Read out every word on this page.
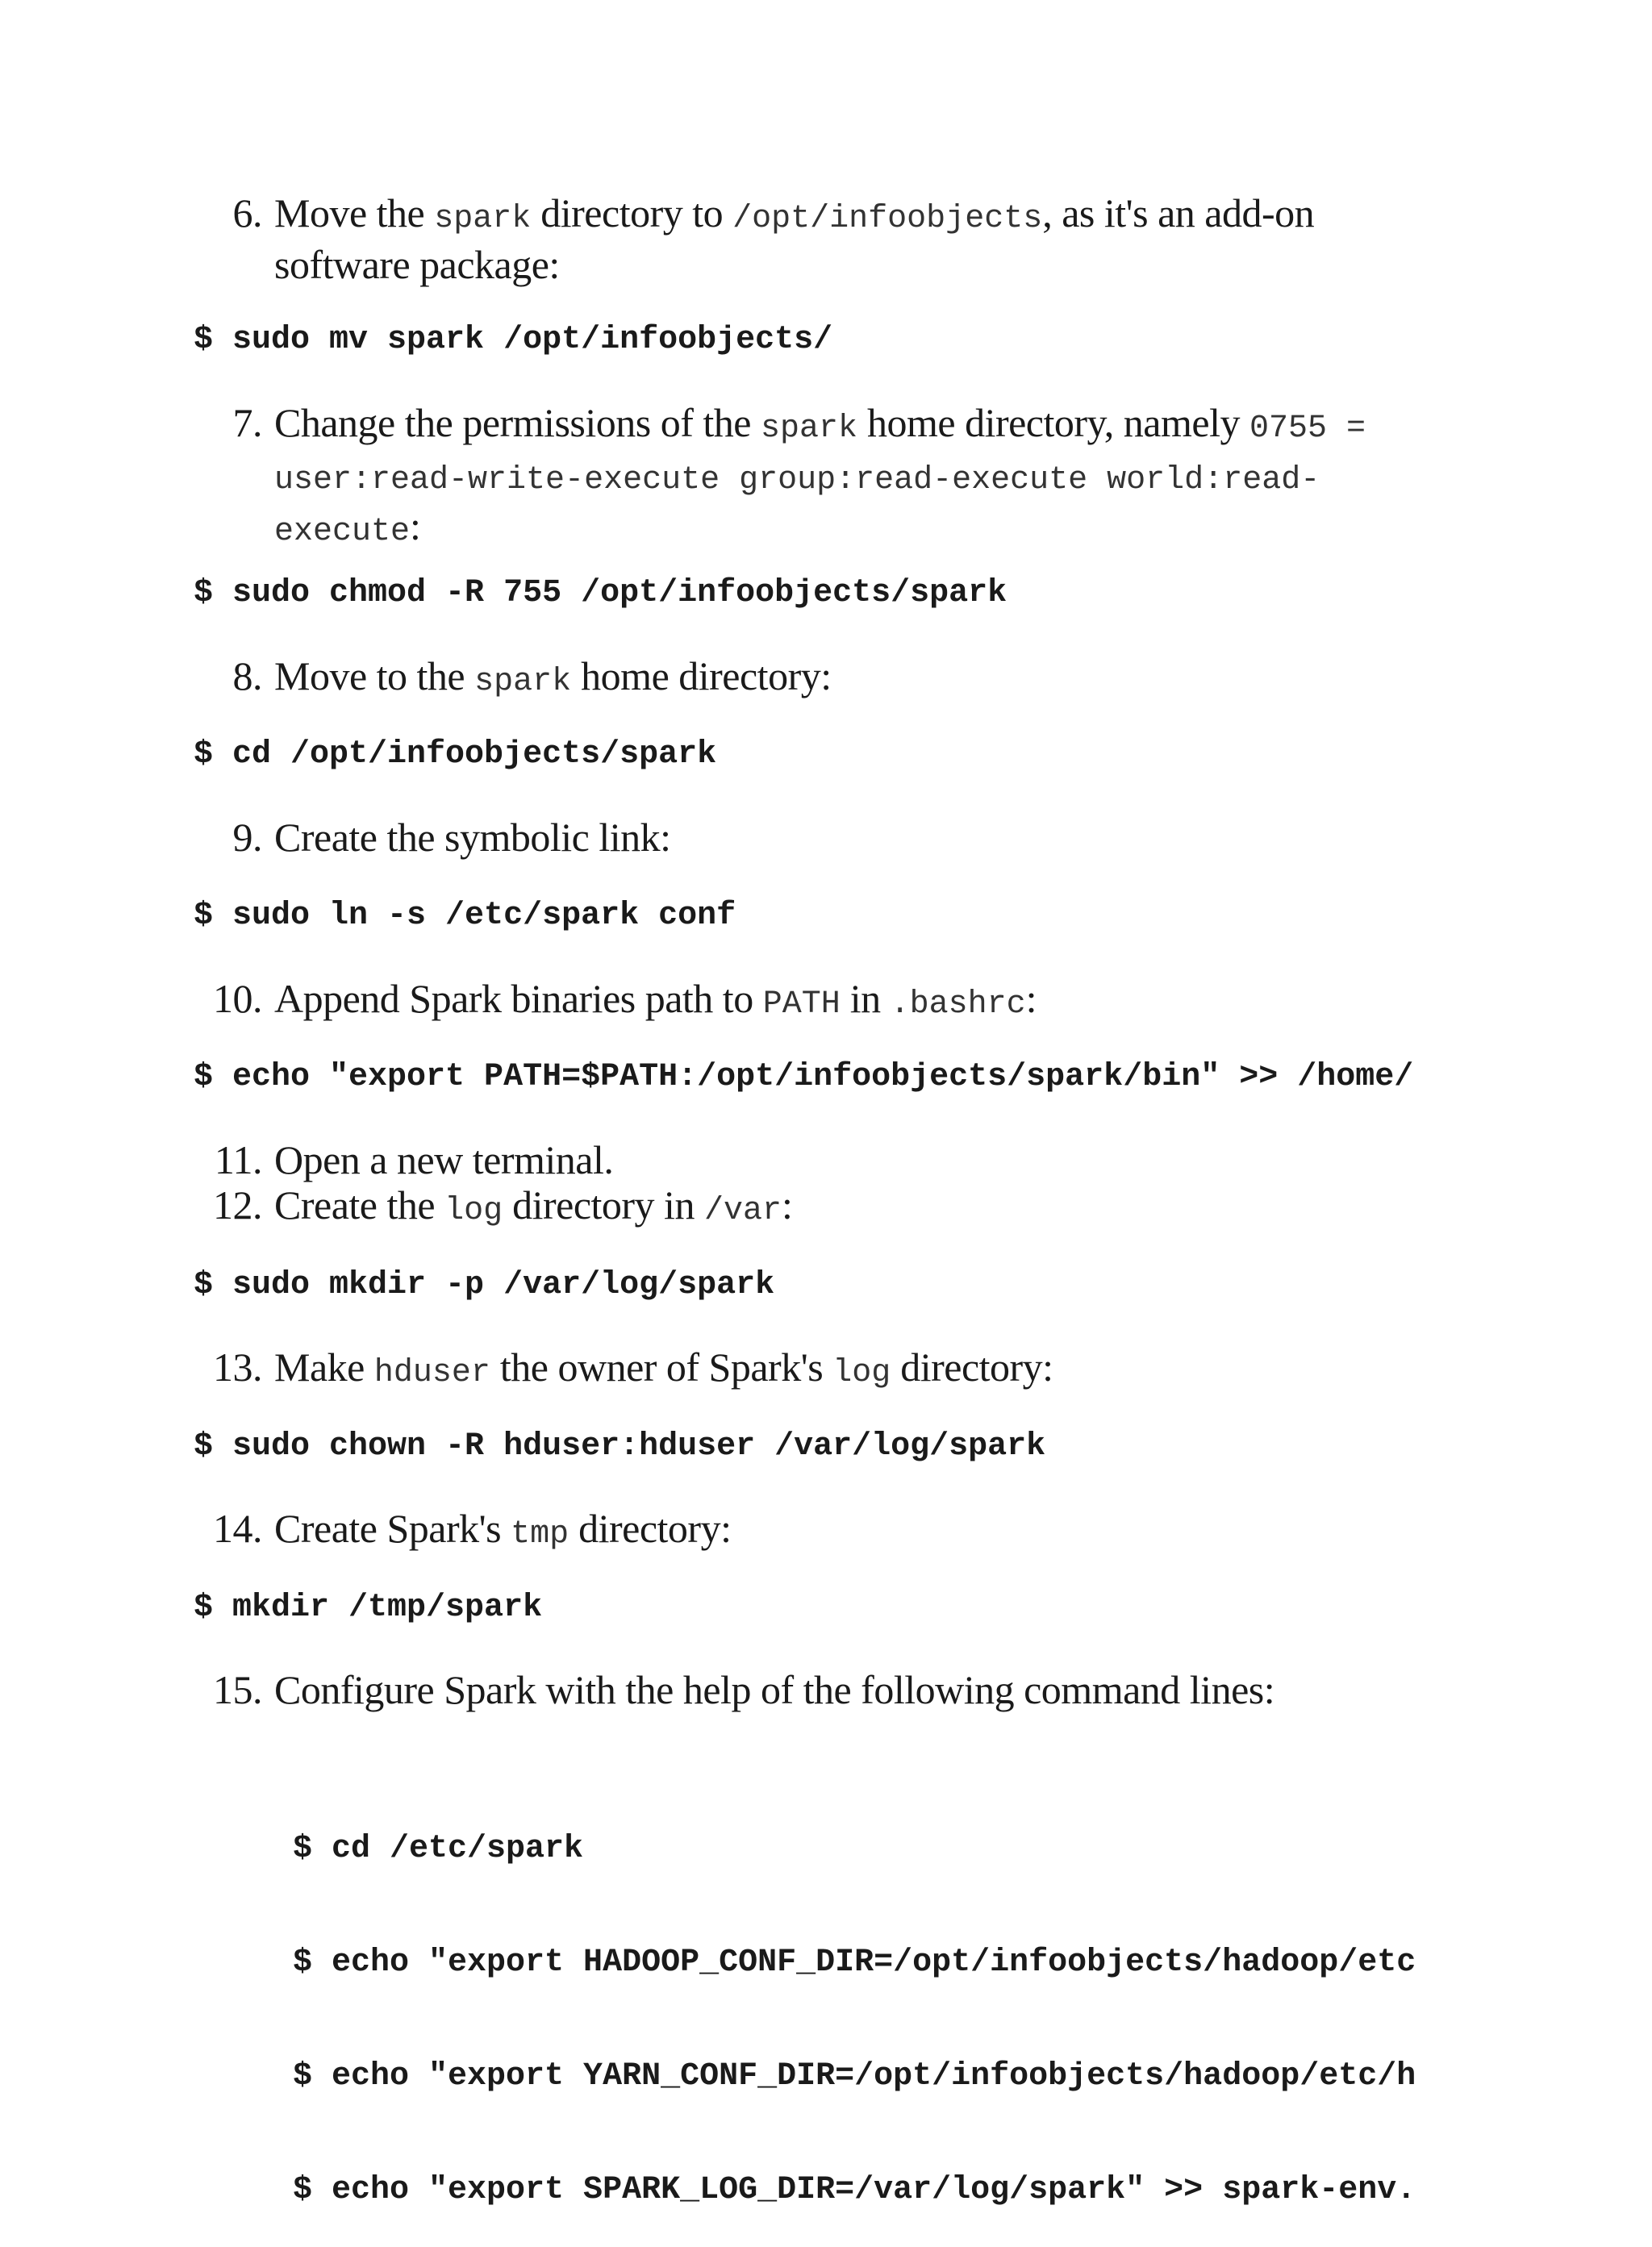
6. Move the spark directory to /opt/infoobjects, as it's an add-on software package:
$ sudo mv spark /opt/infoobjects/
7. Change the permissions of the spark home directory, namely 0755 = user:read-write-execute group:read-execute world:read-execute:
$ sudo chmod -R 755 /opt/infoobjects/spark
8. Move to the spark home directory:
$ cd /opt/infoobjects/spark
9. Create the symbolic link:
$ sudo ln -s /etc/spark conf
10. Append Spark binaries path to PATH in .bashrc:
$ echo "export PATH=$PATH:/opt/infoobjects/spark/bin" >> /home/
11. Open a new terminal.
12. Create the log directory in /var:
$ sudo mkdir -p /var/log/spark
13. Make hduser the owner of Spark's log directory:
$ sudo chown -R hduser:hduser /var/log/spark
14. Create Spark's tmp directory:
$ mkdir /tmp/spark
15. Configure Spark with the help of the following command lines:

$ cd /etc/spark

$ echo "export HADOOP_CONF_DIR=/opt/infoobjects/hadoop/etc

$ echo "export YARN_CONF_DIR=/opt/infoobjects/hadoop/etc/h

$ echo "export SPARK_LOG_DIR=/var/log/spark" >> spark-env.
